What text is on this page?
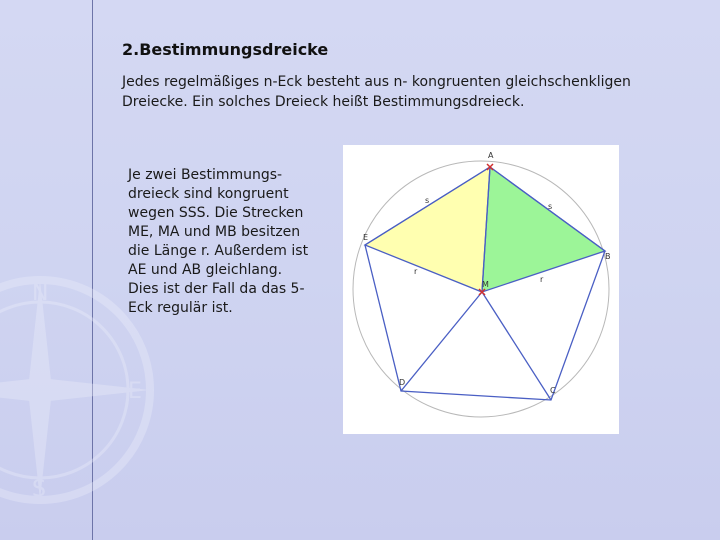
N
S
E
2.Bestimmungsdreicke

Jedes regelmäßiges n-Eck besteht aus n- kongruenten gleichschenkligen
Dreiecke. Ein solches Dreieck heißt Bestimmungsdreieck.

Je zwei Bestimmungs-
dreieck sind kongruent
wegen SSS. Die Strecken
ME, MA und MB besitzen
die Länge r. Außerdem ist
AE und AB gleichlang.
Dies ist der Fall da das 5-
Eck regulär ist.

A
B
C
D
E
M
s
s
r
r
